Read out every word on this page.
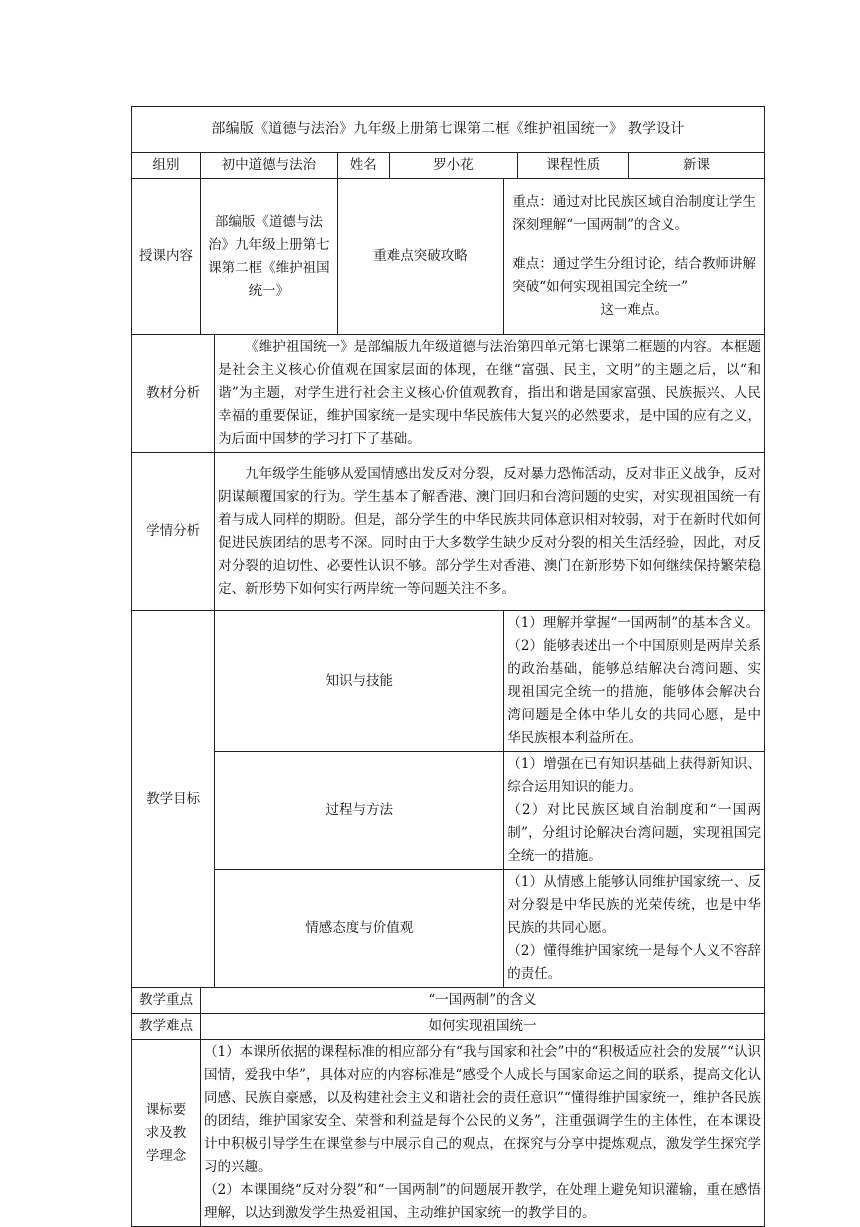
部编版《道德与法治》九年级上册第七课第二框《维护祖国统一》 教学设计							
组别	初中道德与法治		姓名	罗小花		课程性质	新课
授课内容	部编版《道德与法治》九年级上册第七课第二框《维护祖国统一》		重难点突破攻略		重点：通过对比民族区域自治制度让学生深刻理解“一国两制”的含义。

难点：通过学生分组讨论，结合教师讲解突破“如何实现祖国完全统一”

这一难点。		

教材分析		《维护祖国统一》是部编版九年级道德与法治第四单元第七课第二框题的内容。本框题是社会主义核心价值观在国家层面的体现，在继“富强、民主，文明”的主题之后，以“和谐”为主题，对学生进行社会主义核心价值观教育，指出和谐是国家富强、民族振兴、人民幸福的重要保证，维护国家统一是实现中华民族伟大复兴的必然要求，是中国的应有之义，为后面中国梦的学习打下了基础。					
学情分析		九年级学生能够从爱国情感出发反对分裂，反对暴力恐怖活动，反对非正义战争，反对阴谋颠覆国家的行为。学生基本了解香港、澳门回归和台湾问题的史实，对实现祖国统一有着与成人同样的期盼。但是，部分学生的中华民族共同体意识相对较弱，对于在新时代如何促进民族团结的思考不深。同时由于大多数学生缺少反对分裂的相关生活经验，因此，对反对分裂的迫切性、必要性认识不够。部分学生对香港、澳门在新形势下如何继续保持繁荣稳定、新形势下如何实行两岸统一等问题关注不多。					
教学目标		知识与技能			（1）理解并掌握“一国两制”的基本含义。

（2）能够表述出一个中国原则是两岸关系的政治基础，能够总结解决台湾问题、实现祖国完全统一的措施，能够体会解决台湾问题是全体中华儿女的共同心愿，是中华民族根本利益所在。		

		过程与方法			（1）增强在已有知识基础上获得新知识、综合运用知识的能力。

（2）对比民族区域自治制度和“一国两制”，分组讨论解决台湾问题，实现祖国完全统一的措施。		

		情感态度与价值观			（1）从情感上能够认同维护国家统一、反对分裂是中华民族的光荣传统，也是中华民族的共同心愿。

（2）懂得维护国家统一是每个人义不容辞的责任。		

教学重点	“一国两制”的含义						
教学难点	如何实现祖国统一						
课标要求及教学理念	（1）本课所依据的课程标准的相应部分有“我与国家和社会”中的“积极适应社会的发展”“认识国情，爱我中华”，具体对应的内容标准是“感受个人成长与国家命运之间的联系，提高文化认同感、民族自豪感，以及构建社会主义和谐社会的责任意识”“懂得维护国家统一，维护各民族的团结，维护国家安全、荣誉和利益是每个公民的义务”，注重强调学生的主体性，在本课设计中积极引导学生在课堂参与中展示自己的观点，在探究与分享中提炼观点，激发学生探究学习的兴趣。

（2）本课围绕“反对分裂”和“一国两制”的问题展开教学，在处理上避免知识灌输，重在感悟理解，以达到激发学生热爱祖国、主动维护国家统一的教学目的。						
